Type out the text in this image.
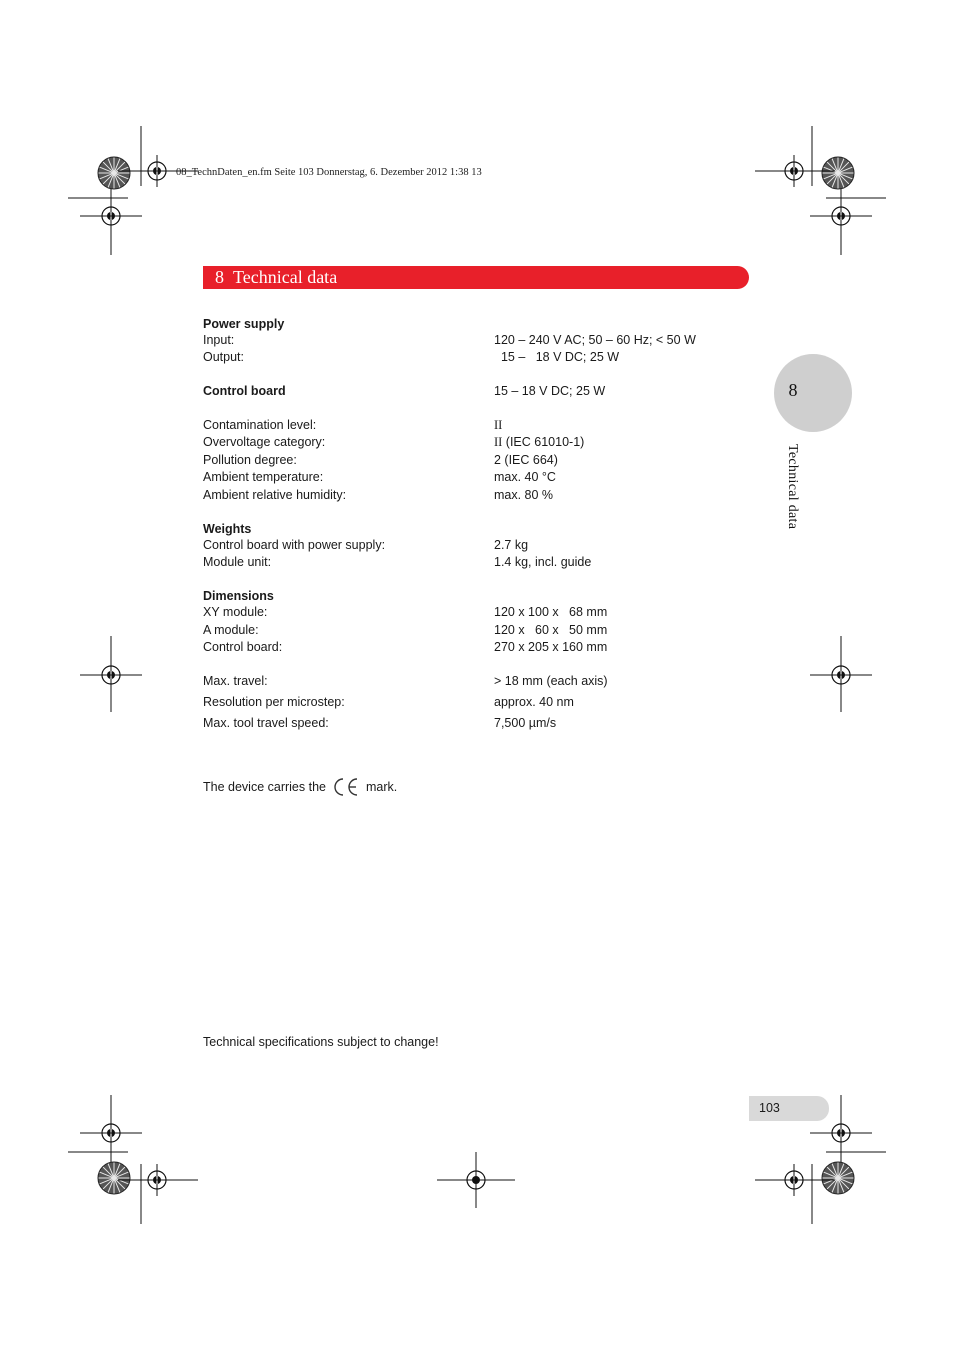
08_TechnDaten_en.fm Seite 103 Donnerstag, 6. Dezember 2012 1:38 13
8 Technical data
8
Technical data
Power supply
Input:	120 – 240 V AC; 50 – 60 Hz; < 50 W
Output:	15 –   18 V DC; 25 W
Control board	15 – 18 V DC; 25 W
Contamination level:	II
Overvoltage category:	II (IEC 61010-1)
Pollution degree:	2 (IEC 664)
Ambient temperature:	max. 40 °C
Ambient relative humidity:	max. 80 %
Weights
Control board with power supply:	2.7 kg
Module unit:	1.4 kg, incl. guide
Dimensions
XY module:	120 x 100 x   68 mm
A module:	120 x   60 x   50 mm
Control board:	270 x 205 x 160 mm
Max. travel:	> 18 mm (each axis)
Resolution per microstep:	approx. 40 nm
Max. tool travel speed:	7,500 µm/s
The device carries the	mark.
Technical specifications subject to change!
103
